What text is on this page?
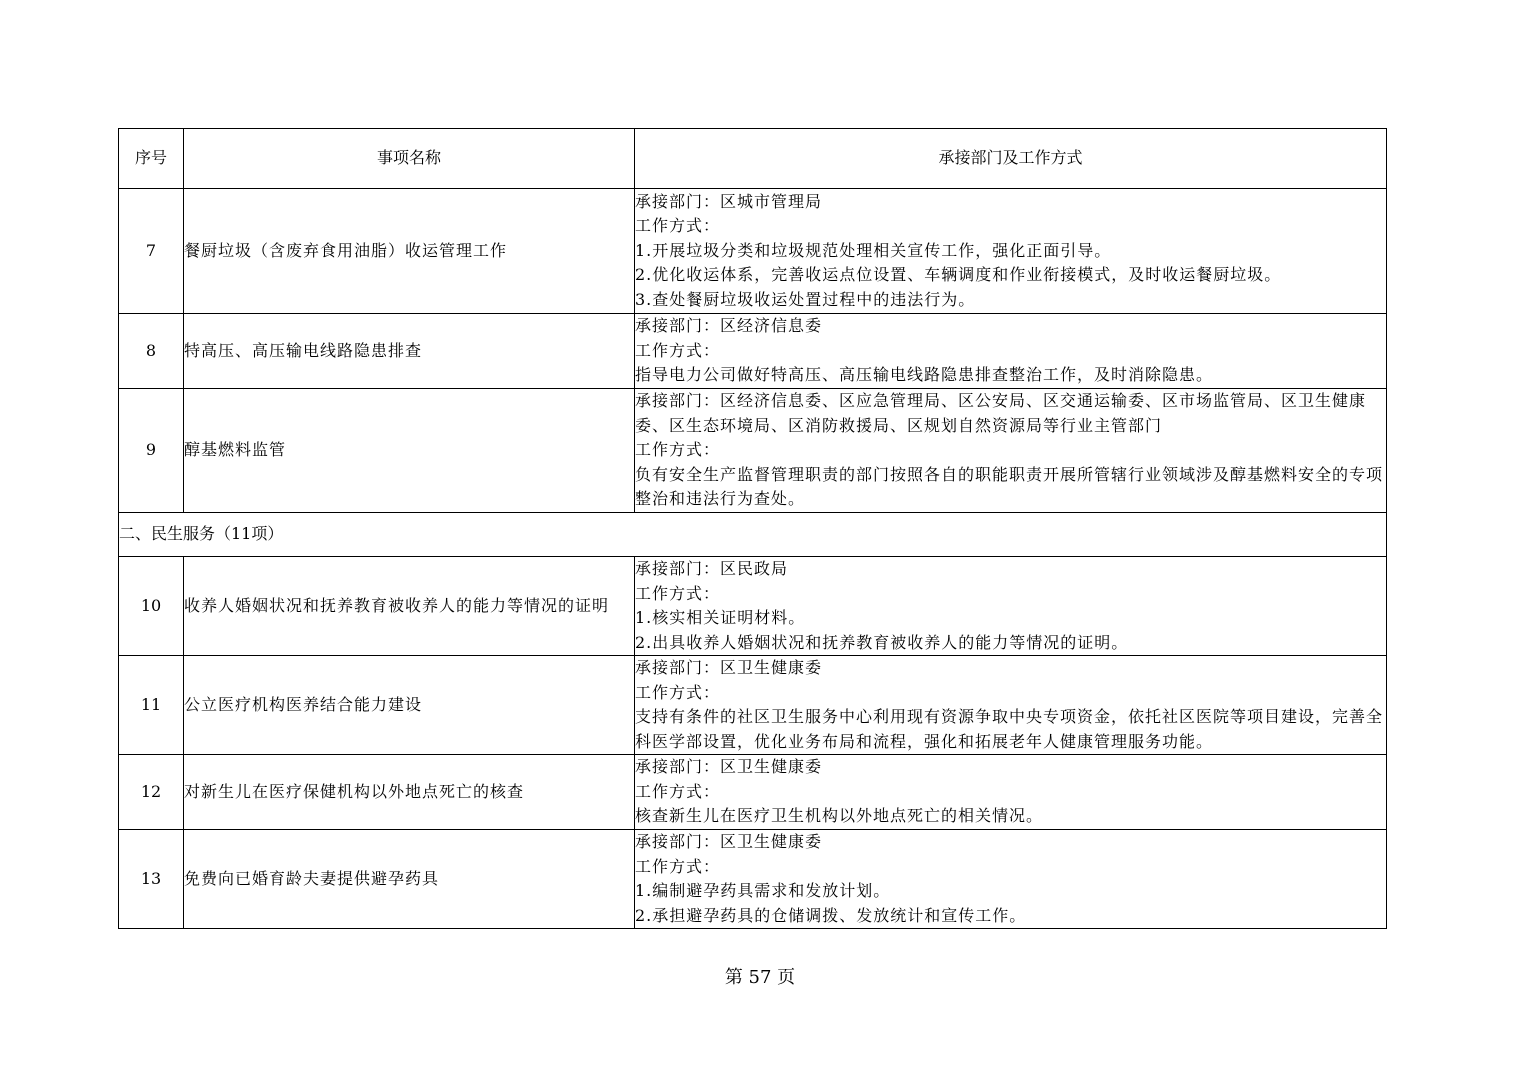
序号	事项名称	承接部门及工作方式
7	餐厨垃圾（含废弃食用油脂）收运管理工作	承接部门：区城市管理局
工作方式：
1.开展垃圾分类和垃圾规范处理相关宣传工作，强化正面引导。
2.优化收运体系，完善收运点位设置、车辆调度和作业衔接模式，及时收运餐厨垃圾。
3.查处餐厨垃圾收运处置过程中的违法行为。

8	特高压、高压输电线路隐患排查	承接部门：区经济信息委
工作方式：
指导电力公司做好特高压、高压输电线路隐患排查整治工作，及时消除隐患。

9	醇基燃料监管	承接部门：区经济信息委、区应急管理局、区公安局、区交通运输委、区市场监管局、区卫生健康委、区生态环境局、区消防救援局、区规划自然资源局等行业主管部门
工作方式：
负有安全生产监督管理职责的部门按照各自的职能职责开展所管辖行业领域涉及醇基燃料安全的专项整治和违法行为查处。

二、民生服务（11项）		
10	收养人婚姻状况和抚养教育被收养人的能力等情况的证明	承接部门：区民政局
工作方式：
1.核实相关证明材料。
2.出具收养人婚姻状况和抚养教育被收养人的能力等情况的证明。

11	公立医疗机构医养结合能力建设	承接部门：区卫生健康委
工作方式：
支持有条件的社区卫生服务中心利用现有资源争取中央专项资金，依托社区医院等项目建设，完善全科医学部设置，优化业务布局和流程，强化和拓展老年人健康管理服务功能。

12	对新生儿在医疗保健机构以外地点死亡的核查	承接部门：区卫生健康委
工作方式：
核查新生儿在医疗卫生机构以外地点死亡的相关情况。

13	免费向已婚育龄夫妻提供避孕药具	承接部门：区卫生健康委
工作方式：
1.编制避孕药具需求和发放计划。
2.承担避孕药具的仓储调拨、发放统计和宣传工作。
第 57 页
